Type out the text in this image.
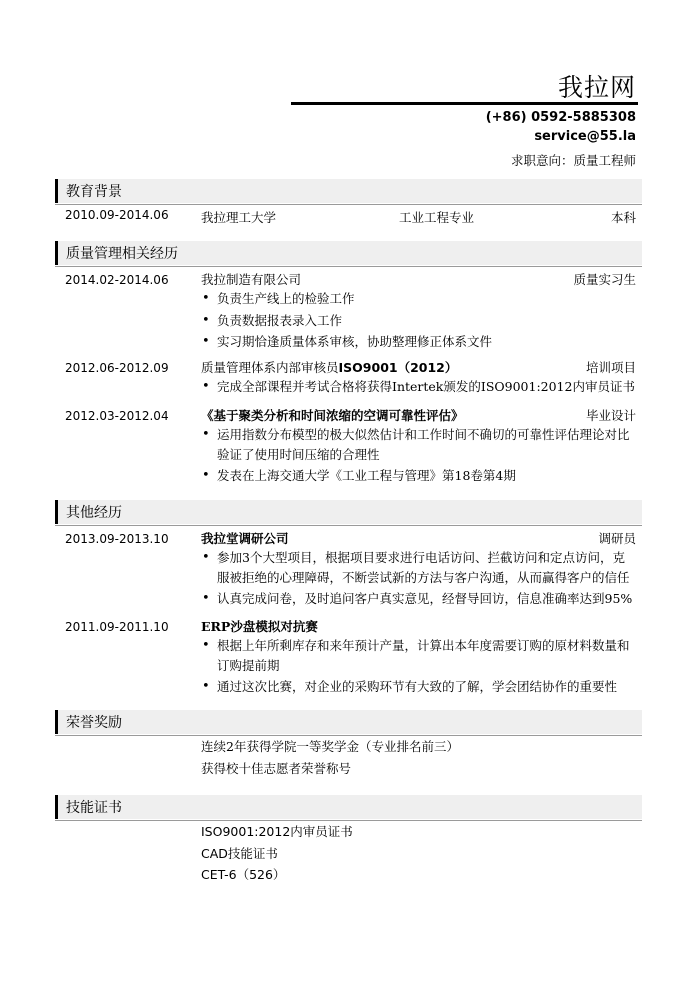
我拉网
(+86) 0592-5885308
service@55.la
求职意向：质量工程师
教育背景
2010.09-2014.06	我拉理工大学	工业工程专业	本科
质量管理相关经历
2014.02-2014.06	我拉制造有限公司	质量实习生
• 负责生产线上的检验工作
• 负责数据报表录入工作
• 实习期恰逢质量体系审核，协助整理修正体系文件
2012.06-2012.09	质量管理体系内部审核员ISO9001（2012）	培训项目
• 完成全部课程并考试合格将获得Intertek颁发的ISO9001:2012内审员证书
2012.03-2012.04	《基于聚类分析和时间浓缩的空调可靠性评估》	毕业设计
• 运用指数分布模型的极大似然估计和工作时间不确切的可靠性评估理论对比验证了使用时间压缩的合理性
• 发表在上海交通大学《工业工程与管理》第18卷第4期
其他经历
2013.09-2013.10	我拉堂调研公司	调研员
• 参加3个大型项目，根据项目要求进行电话访问、拦截访问和定点访问，克服被拒绝的心理障碍，不断尝试新的方法与客户沟通，从而赢得客户的信任
• 认真完成问卷，及时追问客户真实意见，经督导回访，信息准确率达到95%
2011.09-2011.10	ERP沙盘模拟对抗赛
• 根据上年所剩库存和来年预计产量，计算出本年度需要订购的原材料数量和订购提前期
• 通过这次比赛，对企业的采购环节有大致的了解，学会团结协作的重要性
荣誉奖励
连续2年获得学院一等奖学金（专业排名前三）
获得校十佳志愿者荣誉称号
技能证书
ISO9001:2012内审员证书
CAD技能证书
CET-6（526）
